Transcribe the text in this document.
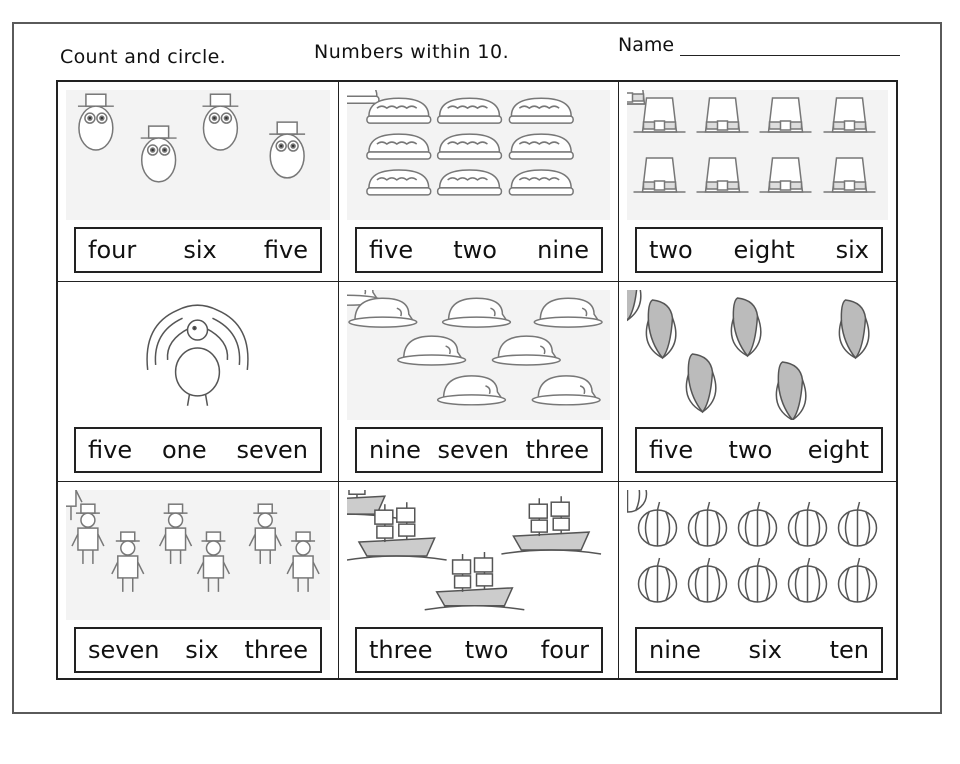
Count and circle.	Numbers within 10.	Name
four six five	five two nine	two eight six
five one seven	nine seven three	five two eight
seven six three	three two four	nine six ten
